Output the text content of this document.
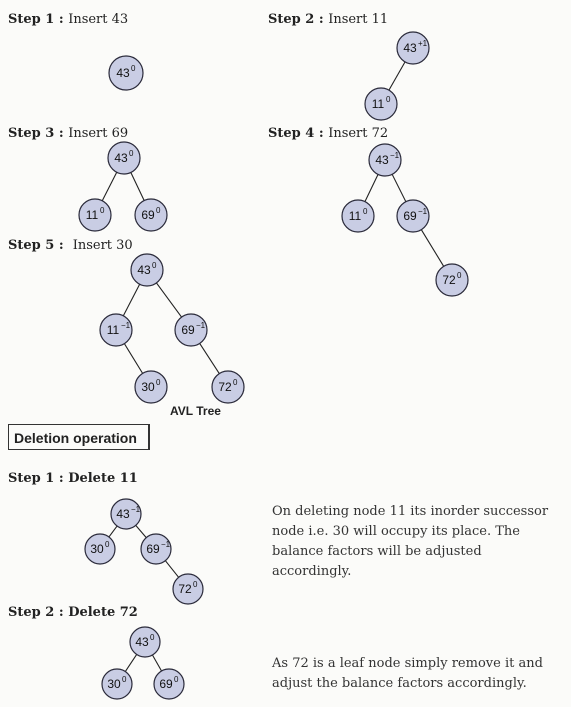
Step 1 : Insert 43	Step 2 : Insert 11
Step 3 : Insert 69	Step 4 : Insert 72
Step 5 :  Insert 30
AVL Tree
Deletion operation
Step 1 : Delete 11
Step 2 : Delete 72
On deleting node 11 its inorder successor node i.e. 30 will occupy its place. The balance factors will be adjusted accordingly.
As 72 is a leaf node simply remove it and adjust the balance factors accordingly.
43 0
43 +1
11 0
43 0
11 0	69 0
43 −1
11 0	69 −1
72 0
43 0
11 −1	69 −1
30 0	72 0
43 −1
30 0	69 −1
72 0
43 0
30 0	69 0
